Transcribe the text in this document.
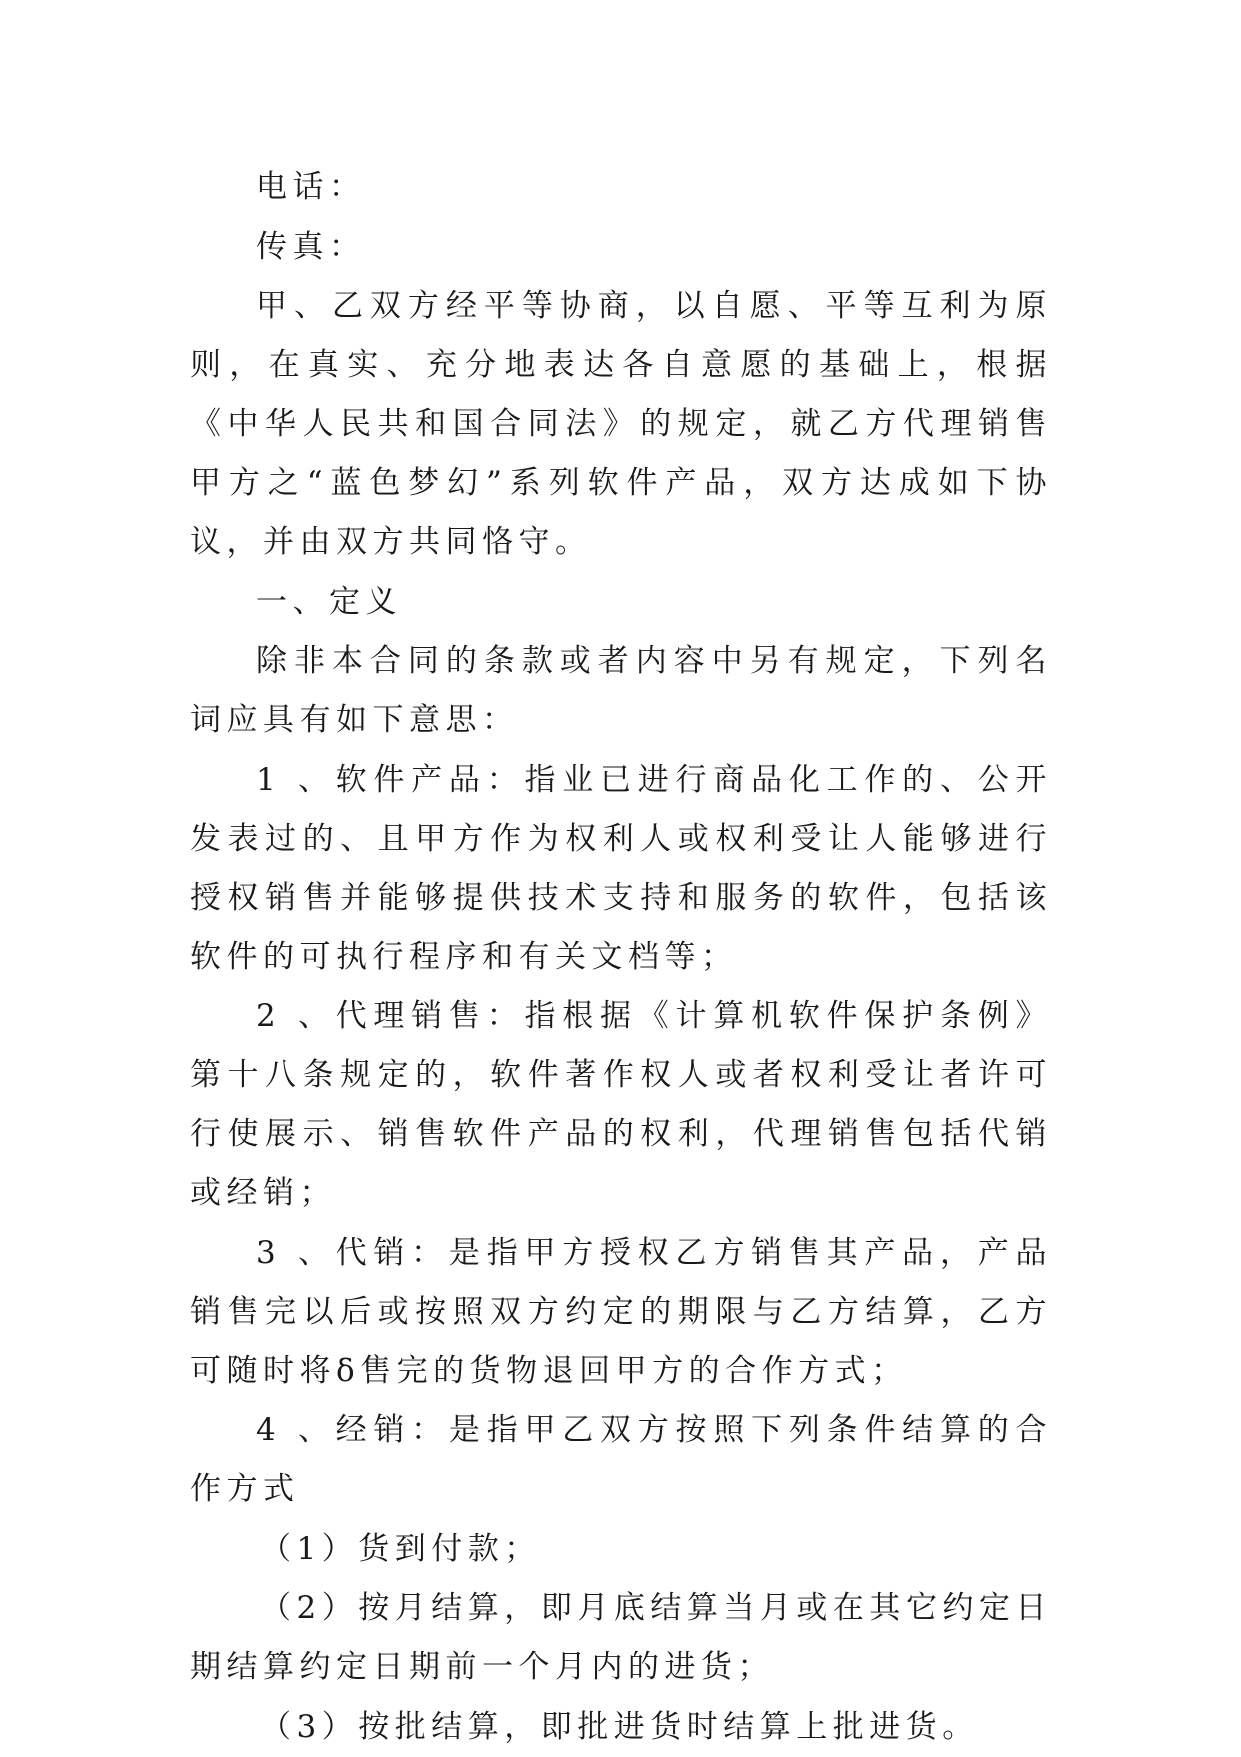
电话：

传真：

甲、乙双方经平等协商，以自愿、平等互利为原则，在真实、充分地表达各自意愿的基础上，根据《中华人民共和国合同法》的规定，就乙方代理销售甲方之“蓝色梦幻”系列软件产品，双方达成如下协议，并由双方共同恪守。

一、定义

除非本合同的条款或者内容中另有规定，下列名词应具有如下意思：

1 、软件产品：指业已进行商品化工作的、公开发表过的、且甲方作为权利人或权利受让人能够进行授权销售并能够提供技术支持和服务的软件，包括该软件的可执行程序和有关文档等；

2 、代理销售：指根据《计算机软件保护条例》第十八条规定的，软件著作权人或者权利受让者许可行使展示、销售软件产品的权利，代理销售包括代销或经销；

3 、代销：是指甲方授权乙方销售其产品，产品销售完以后或按照双方约定的期限与乙方结算，乙方可随时将δ售完的货物退回甲方的合作方式；

4 、经销：是指甲乙双方按照下列条件结算的合作方式

（1）货到付款；

（2）按月结算，即月底结算当月或在其它约定日期结算约定日期前一个月内的进货；

（3）按批结算，即批进货时结算上批进货。
